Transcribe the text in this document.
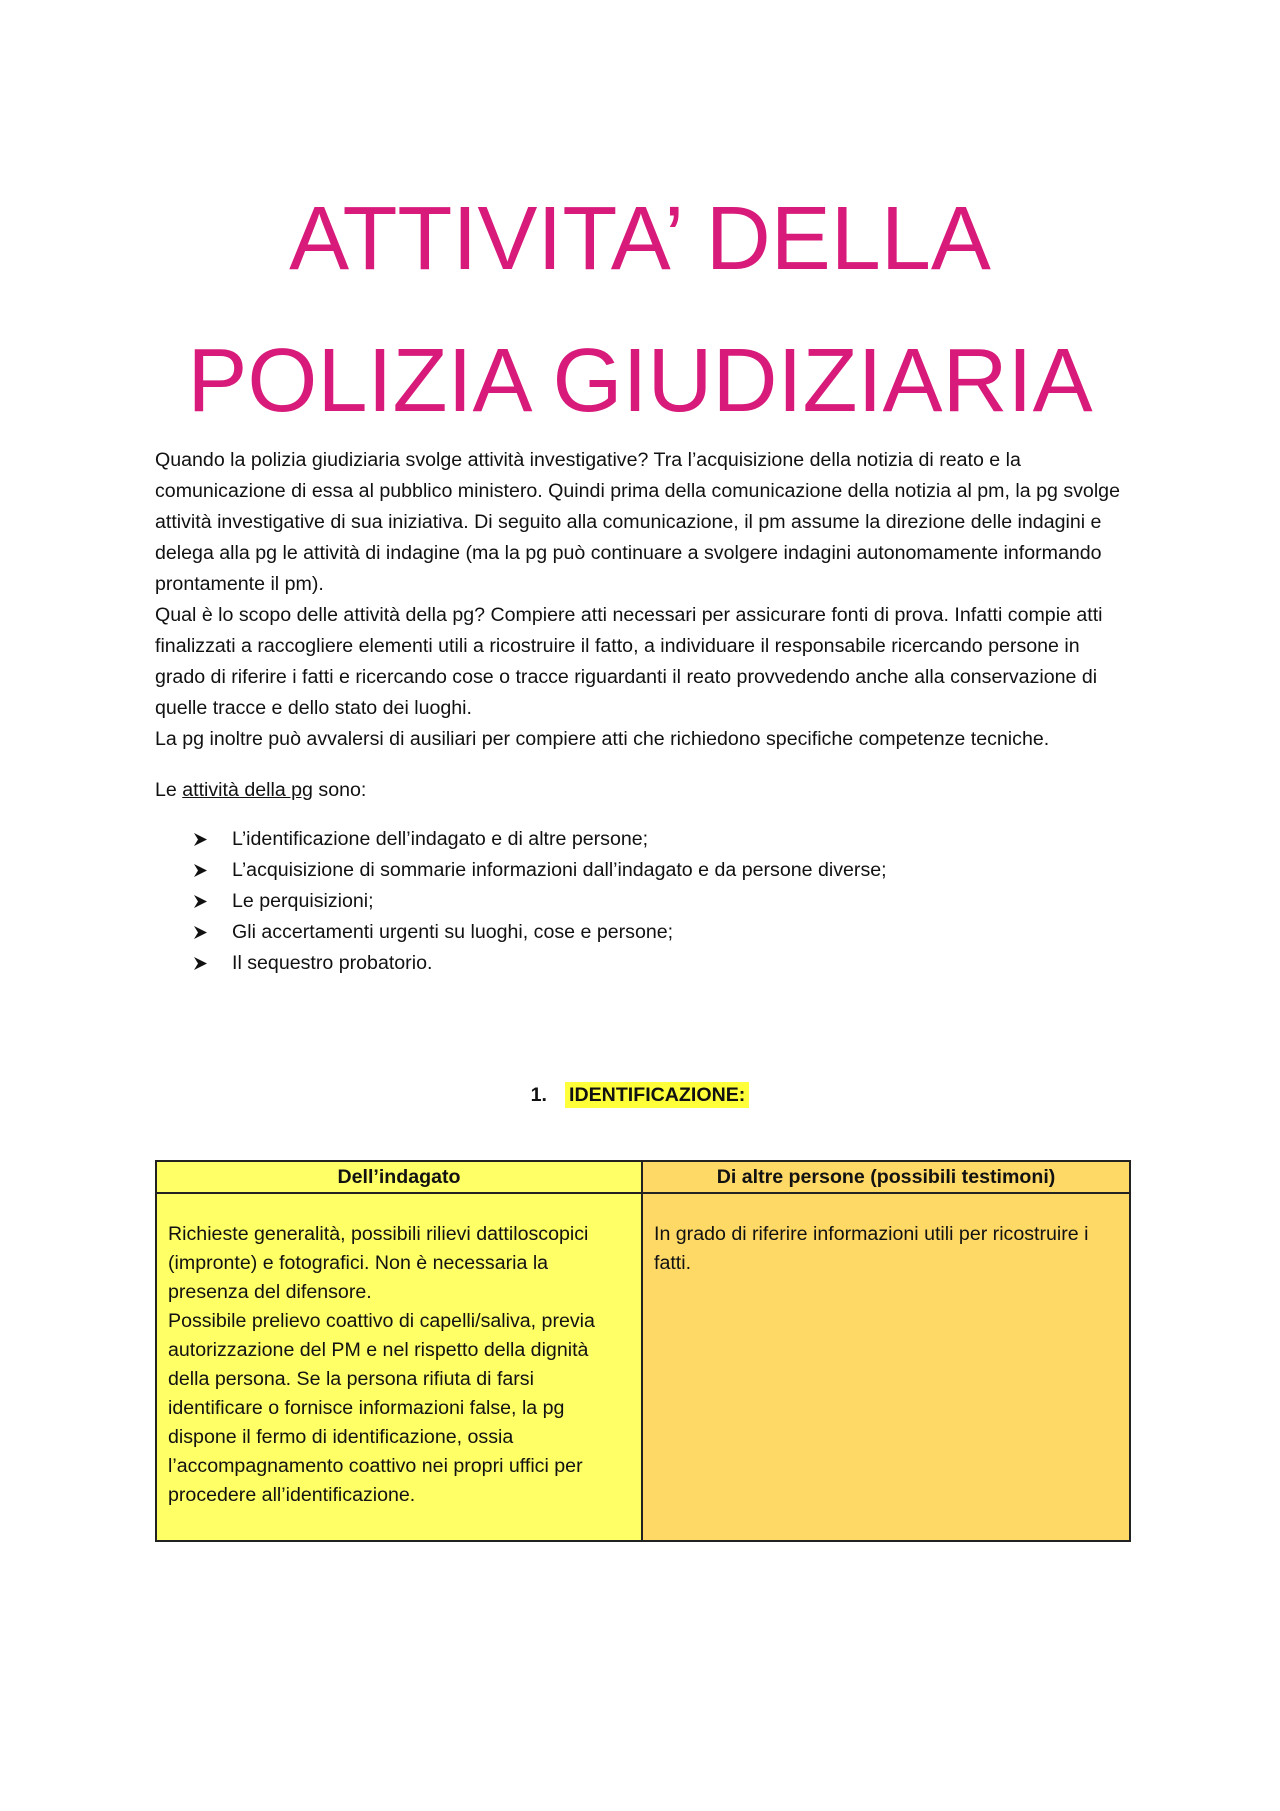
ATTIVITA’ DELLA
POLIZIA GIUDIZIARIA

Quando la polizia giudiziaria svolge attività investigative? Tra l’acquisizione della notizia di reato e la comunicazione di essa al pubblico ministero. Quindi prima della comunicazione della notizia al pm, la pg svolge attività investigative di sua iniziativa. Di seguito alla comunicazione, il pm assume la direzione delle indagini e delega alla pg le attività di indagine (ma la pg può continuare a svolgere indagini autonomamente informando prontamente il pm).

Qual è lo scopo delle attività della pg? Compiere atti necessari per assicurare fonti di prova. Infatti compie atti finalizzati a raccogliere elementi utili a ricostruire il fatto, a individuare il responsabile ricercando persone in grado di riferire i fatti e ricercando cose o tracce riguardanti il reato provvedendo anche alla conservazione di quelle tracce e dello stato dei luoghi.

La pg inoltre può avvalersi di ausiliari per compiere atti che richiedono specifiche competenze tecniche.

Le attività della pg sono:

L’identificazione dell’indagato e di altre persone;
L’acquisizione di sommarie informazioni dall’indagato e da persone diverse;
Le perquisizioni;
Gli accertamenti urgenti su luoghi, cose e persone;
Il sequestro probatorio.
1. IDENTIFICAZIONE:
Dell’indagato
Richieste generalità, possibili rilievi dattiloscopici (impronte) e fotografici. Non è necessaria la presenza del difensore.
Possibile prelievo coattivo di capelli/saliva, previa autorizzazione del PM e nel rispetto della dignità della persona. Se la persona rifiuta di farsi identificare o fornisce informazioni false, la pg dispone il fermo di identificazione, ossia l’accompagnamento coattivo nei propri uffici per procedere all’identificazione.
Di altre persone (possibili testimoni)
In grado di riferire informazioni utili per ricostruire i fatti.
